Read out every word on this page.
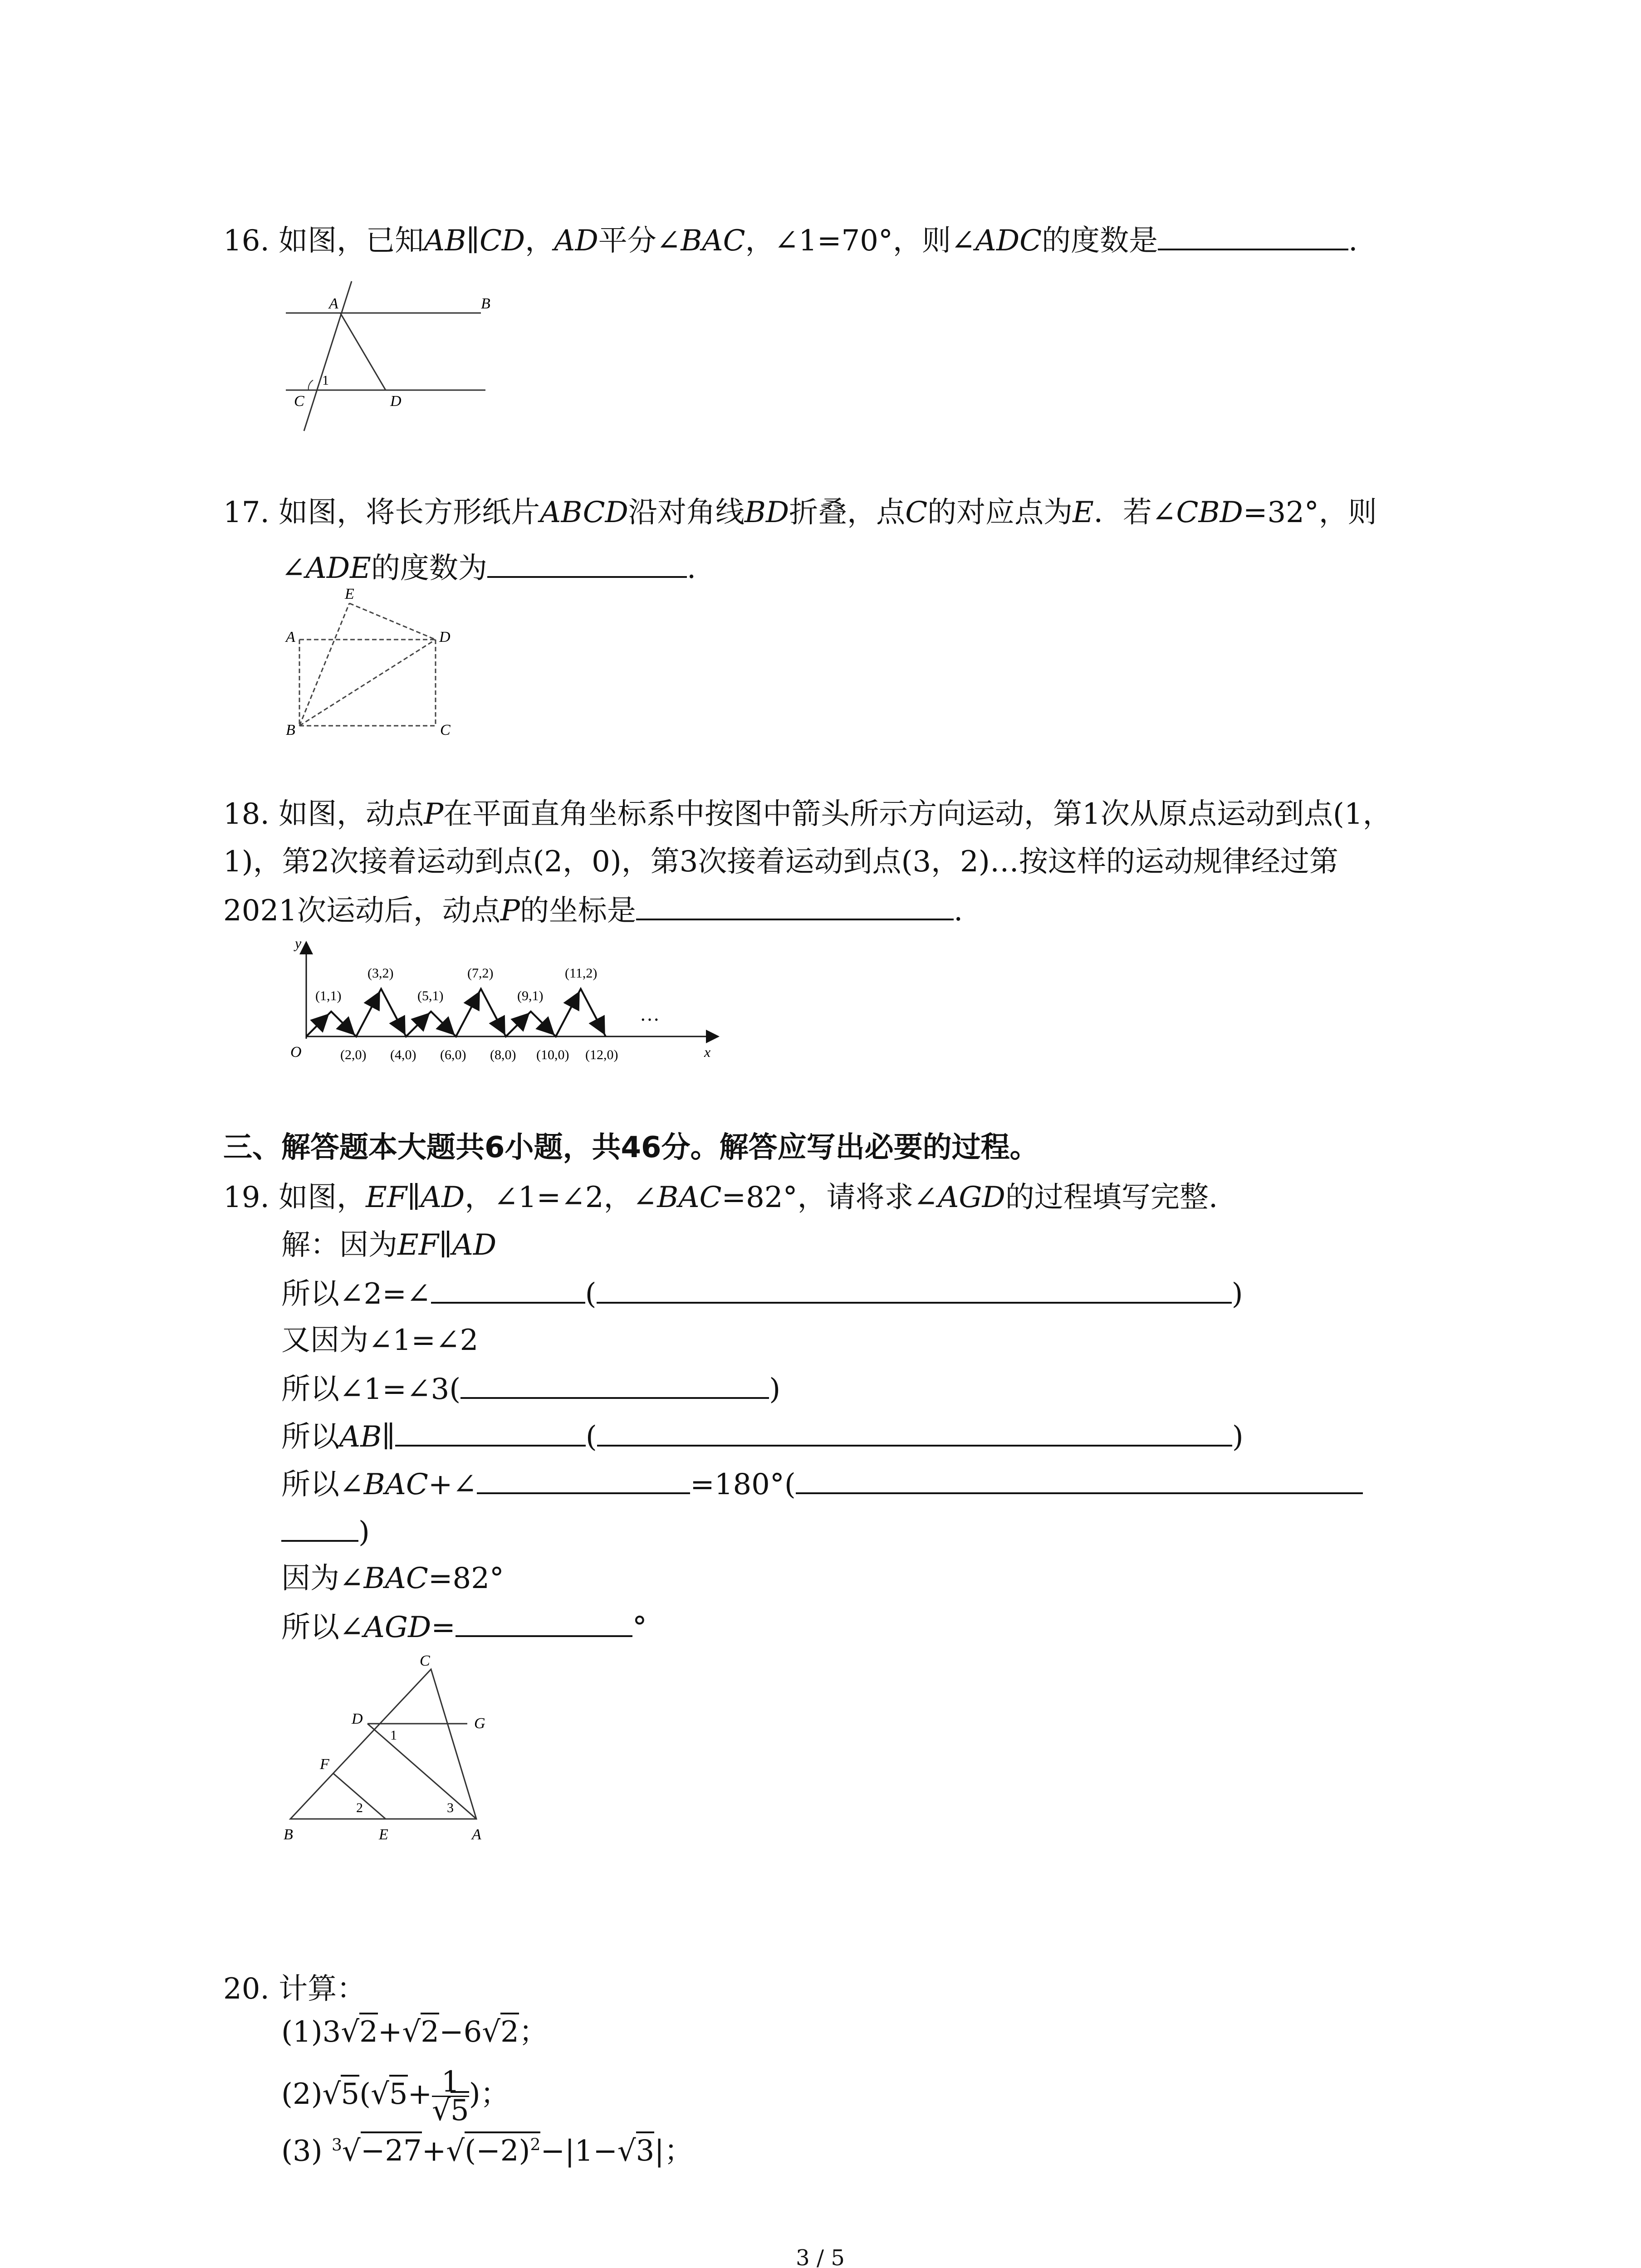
16. 如图，已知AB∥CD，AD平分∠BAC，∠1=70°，则∠ADC的度数是	.
A	B
C	D
1
17. 如图，将长方形纸片ABCD沿对角线BD折叠，点C的对应点为E．若∠CBD=32°，则
∠ADE的度数为	.
E
A	D
B	C
18. 如图，动点P在平面直角坐标系中按图中箭头所示方向运动，第1次从原点运动到点(1，
1)，第2次接着运动到点(2，0)，第3次接着运动到点(3，2)…按这样的运动规律经过第
2021次运动后，动点P的坐标是	.
y
x
O
(1,1)
(3,2)
(5,1)
(7,2)
(9,1)
(11,2)
…
(2,0) (4,0) (6,0) (8,0) (10,0) (12,0)
三、解答题本大题共6小题，共46分。解答应写出必要的过程。
19. 如图，EF∥AD，∠1=∠2，∠BAC=82°，请将求∠AGD的过程填写完整.
解：因为EF∥AD
所以∠2=∠	(	)
又因为∠1=∠2
所以∠1=∠3(	)
所以AB∥	(	)
所以∠BAC+∠	=180°(
)
因为∠BAC=82°
所以∠AGD=	°
C
D	G
1
F
2	3
B	E	A
20. 计算：
(1)3√2+√2−6√2；
$(2)√5(√5+ \frac{1}{√5}$ )；
(3) $^3√-27+√(-2)^2-|1-√3|$；
3 / 5
